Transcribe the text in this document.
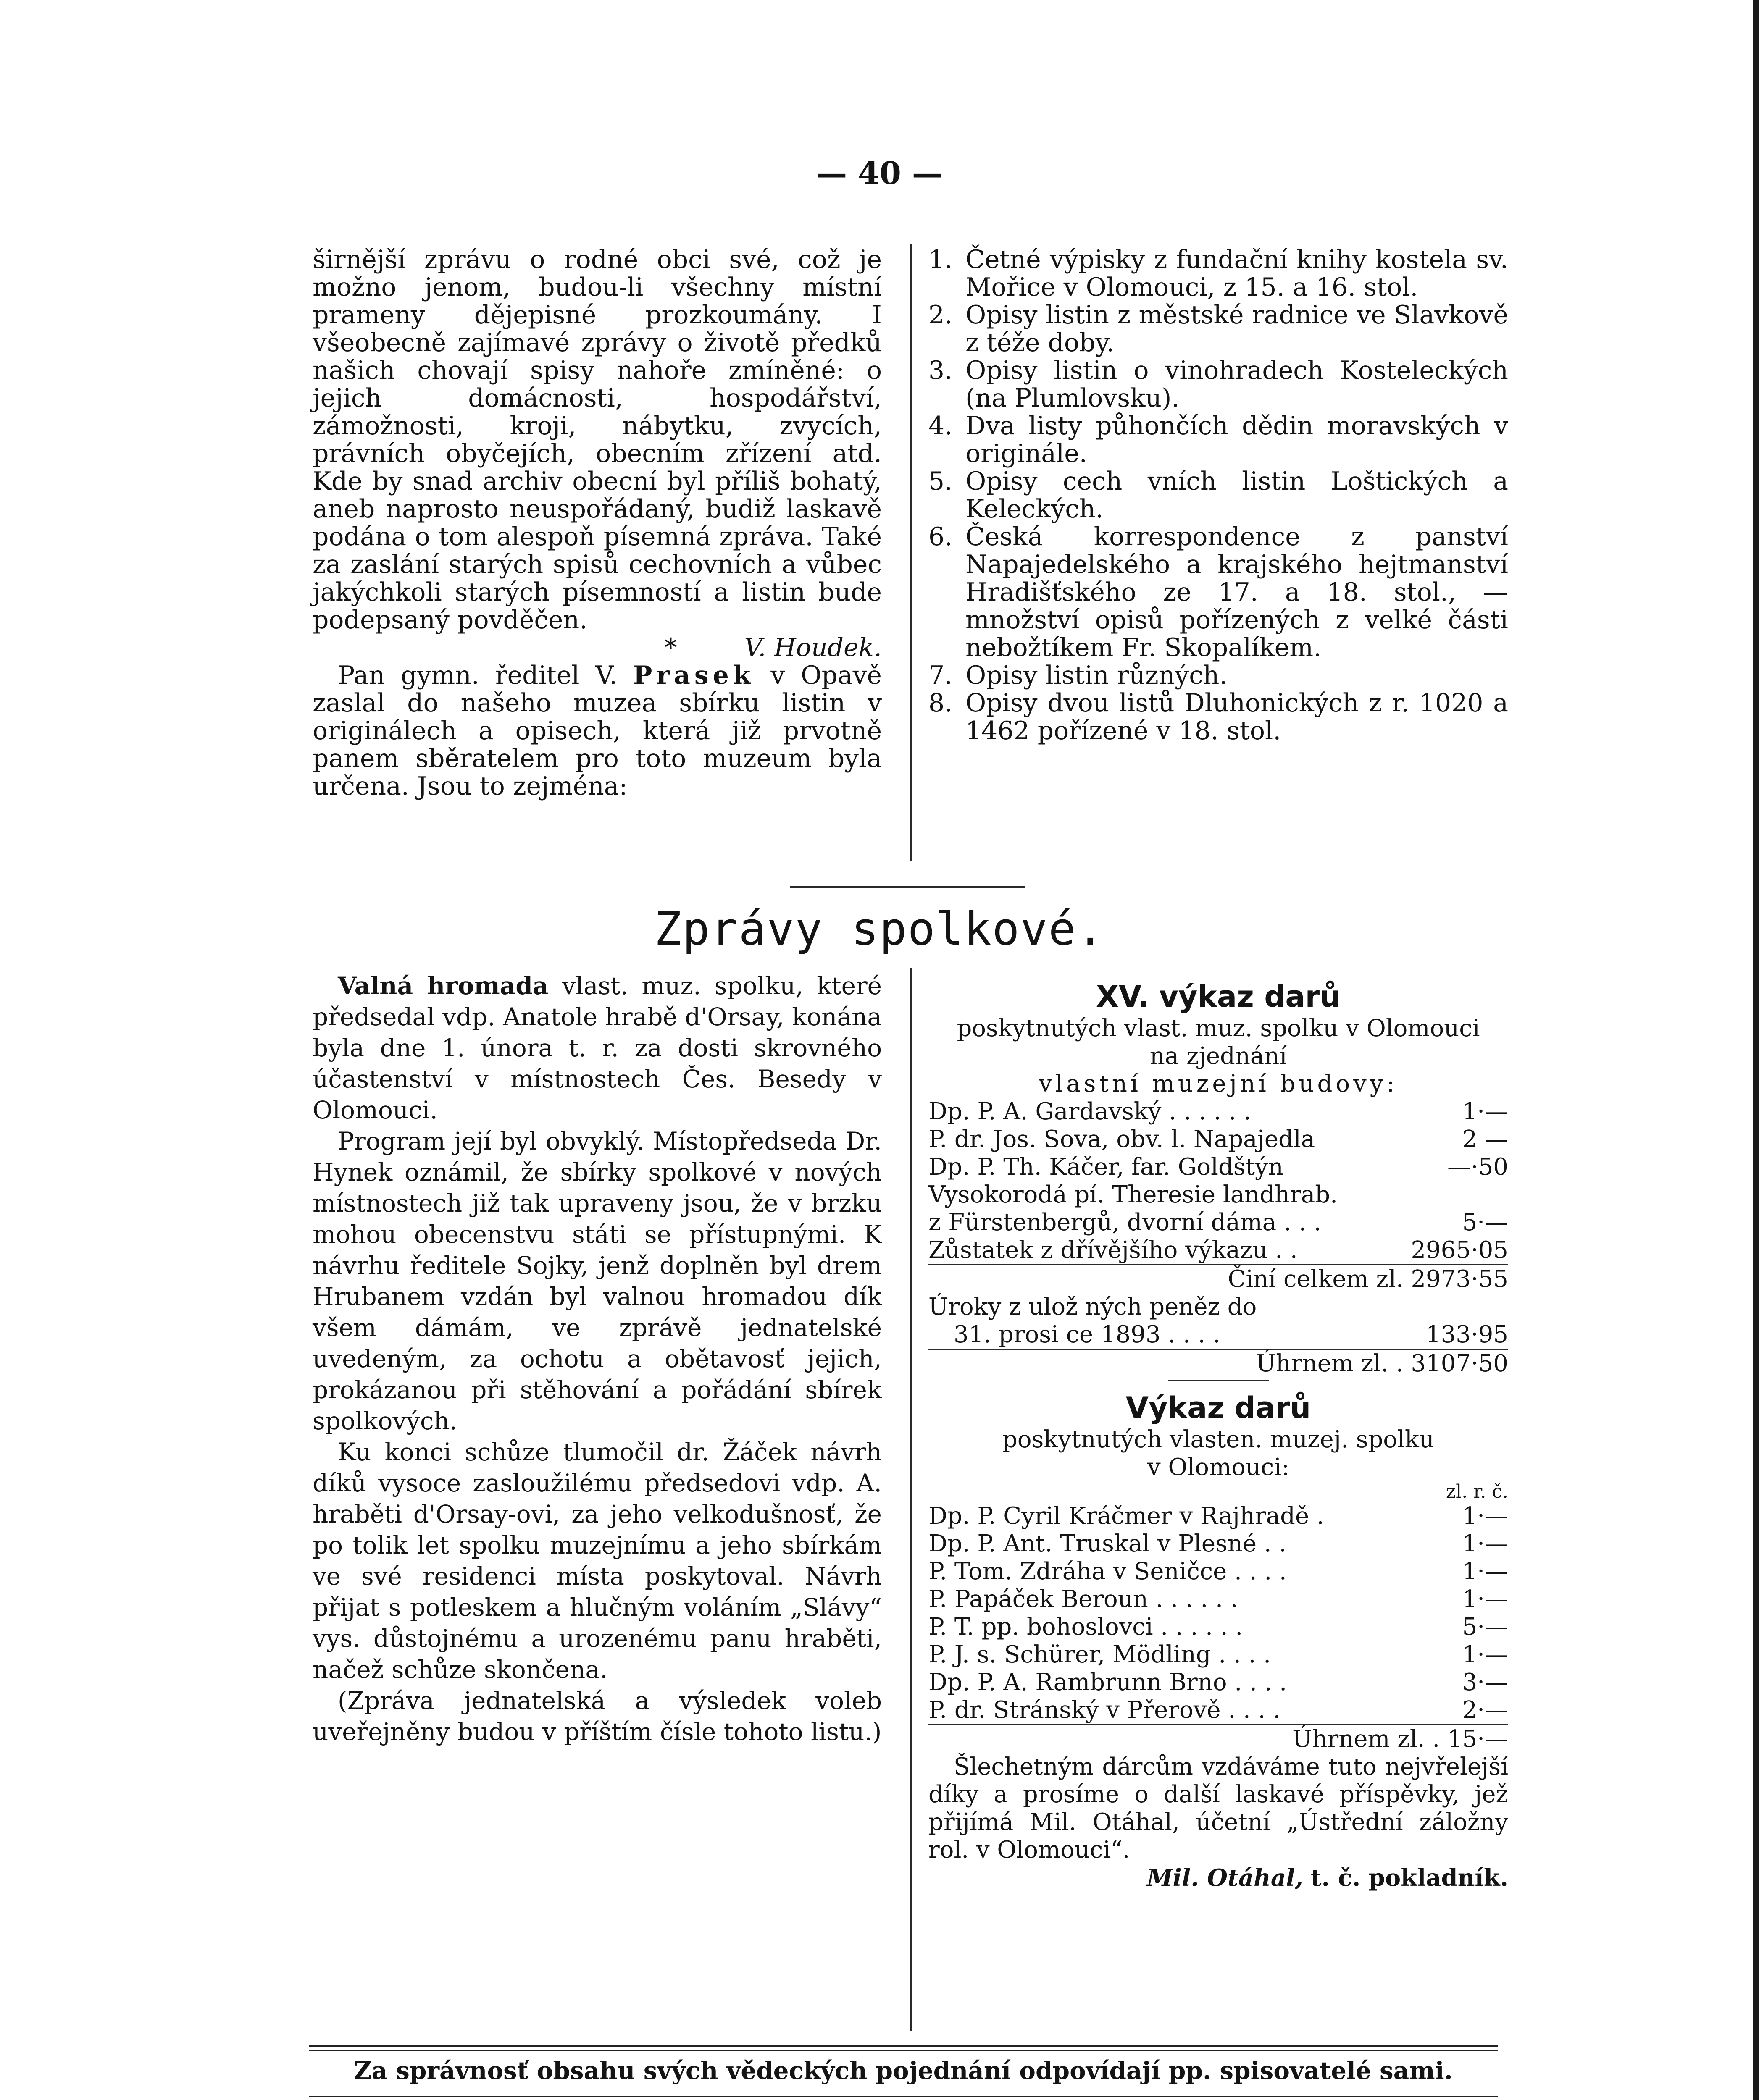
— 40 —

širnější zprávu o rodné obci své, což je možno jenom, budou-li všechny místní prameny dějepisné prozkoumány. I všeobecně zajímavé zprávy o životě předků našich chovají spisy nahoře zmíněné: o jejich domácnosti, hospodářství, zámožnosti, kroji, nábytku, zvycích, právních obyčejích, obecním zřízení atd. Kde by snad archiv obecní byl příliš bohatý, aneb naprosto neuspořádaný, budiž laskavě podána o tom alespoň písemná zpráva. Také za zaslání starých spisů cechovních a vůbec jakýchkoli starých písemností a listin bude podepsaný povděčen.

*	V. Houdek.

Pan gymn. ředitel V. Prasek v Opavě zaslal do našeho muzea sbírku listin v originálech a opisech, která již prvotně panem sběratelem pro toto muzeum byla určena. Jsou to zejména:

1. Četné výpisky z fundační knihy kostela sv. Mořice v Olomouci, z 15. a 16. stol.
2. Opisy listin z městské radnice ve Slavkově z téže doby.
3. Opisy listin o vinohradech Kosteleckých (na Plumlovsku).
4. Dva listy půhončích dědin moravských v originále.
5. Opisy cech vních listin Loštických a Keleckých.
6. Česká korrespondence z panství Napajedelského a krajského hejtmanství Hradišťského ze 17. a 18. stol., — množství opisů pořízených z velké části nebožtíkem Fr. Skopalíkem.
7. Opisy listin různých.
8. Opisy dvou listů Dluhonických z r. 1020 a 1462 pořízené v 18. stol.
Zprávy spolkové.

Valná hromada vlast. muz. spolku, které předsedal vdp. Anatole hrabě d'Orsay, konána byla dne 1. února t. r. za dosti skrovného účastenství v místnostech Čes. Besedy v Olomouci.

Program její byl obvyklý. Místopředseda Dr. Hynek oznámil, že sbírky spolkové v nových místnostech již tak upraveny jsou, že v brzku mohou obecenstvu státi se přístupnými. K návrhu ředitele Sojky, jenž doplněn byl drem Hrubanem vzdán byl valnou hromadou dík všem dámám, ve zprávě jednatelské uvedeným, za ochotu a obětavosť jejich, prokázanou při stěhování a pořádání sbírek spolkových.

Ku konci schůze tlumočil dr. Žáček návrh díků vysoce zasloužilému předsedovi vdp. A. hraběti d'Orsay-ovi, za jeho velkodušnosť, že po tolik let spolku muzejnímu a jeho sbírkám ve své residenci místa poskytoval. Návrh přijat s potleskem a hlučným voláním „Slávy“ vys. důstojnému a urozenému panu hraběti, načež schůze skončena.

(Zpráva jednatelská a výsledek voleb uveřejněny budou v příštím čísle tohoto listu.)

XV. výkaz darů
poskytnutých vlast. muz. spolku v Olomouci
na zjednání
vlastní muzejní budovy:
Dp. P. A. Gardavský . . . . . .	1·—
P. dr. Jos. Sova, obv. l. Napajedla	2 —
Dp. P. Th. Káčer, far. Goldštýn	—·50
Vysokorodá pí. Theresie landhrab.
z Fürstenbergů, dvorní dáma . . .	5·—
Zůstatek z dřívějšího výkazu . .	2965·05
Činí celkem zl. 2973·55
Úroky z ulož ných peněz do
31. prosi ce 1893 . . . .	133·95
Úhrnem zl. . 3107·50
Výkaz darů
poskytnutých vlasten. muzej. spolku
v Olomouci:
zl. r. č.
Dp. P. Cyril Kráčmer v Rajhradě .	1·—
Dp. P. Ant. Truskal v Plesné . .	1·—
P. Tom. Zdráha v Seničce . . . .	1·—
P. Papáček Beroun . . . . . .	1·—
P. T. pp. bohoslovci . . . . . .	5·—
P. J. s. Schürer, Mödling . . . .	1·—
Dp. P. A. Rambrunn Brno . . . .	3·—
P. dr. Stránský v Přerově . . . .	2·—
Úhrnem zl. . 15·—

Šlechetným dárcům vzdáváme tuto nejvřelejší díky a prosíme o další laskavé příspěvky, jež přijímá Mil. Otáhal, účetní „Ústřední záložny rol. v Olomouci“.

Mil. Otáhal, t. č. pokladník.
Za správnosť obsahu svých vědeckých pojednání odpovídají pp. spisovatelé sami.
